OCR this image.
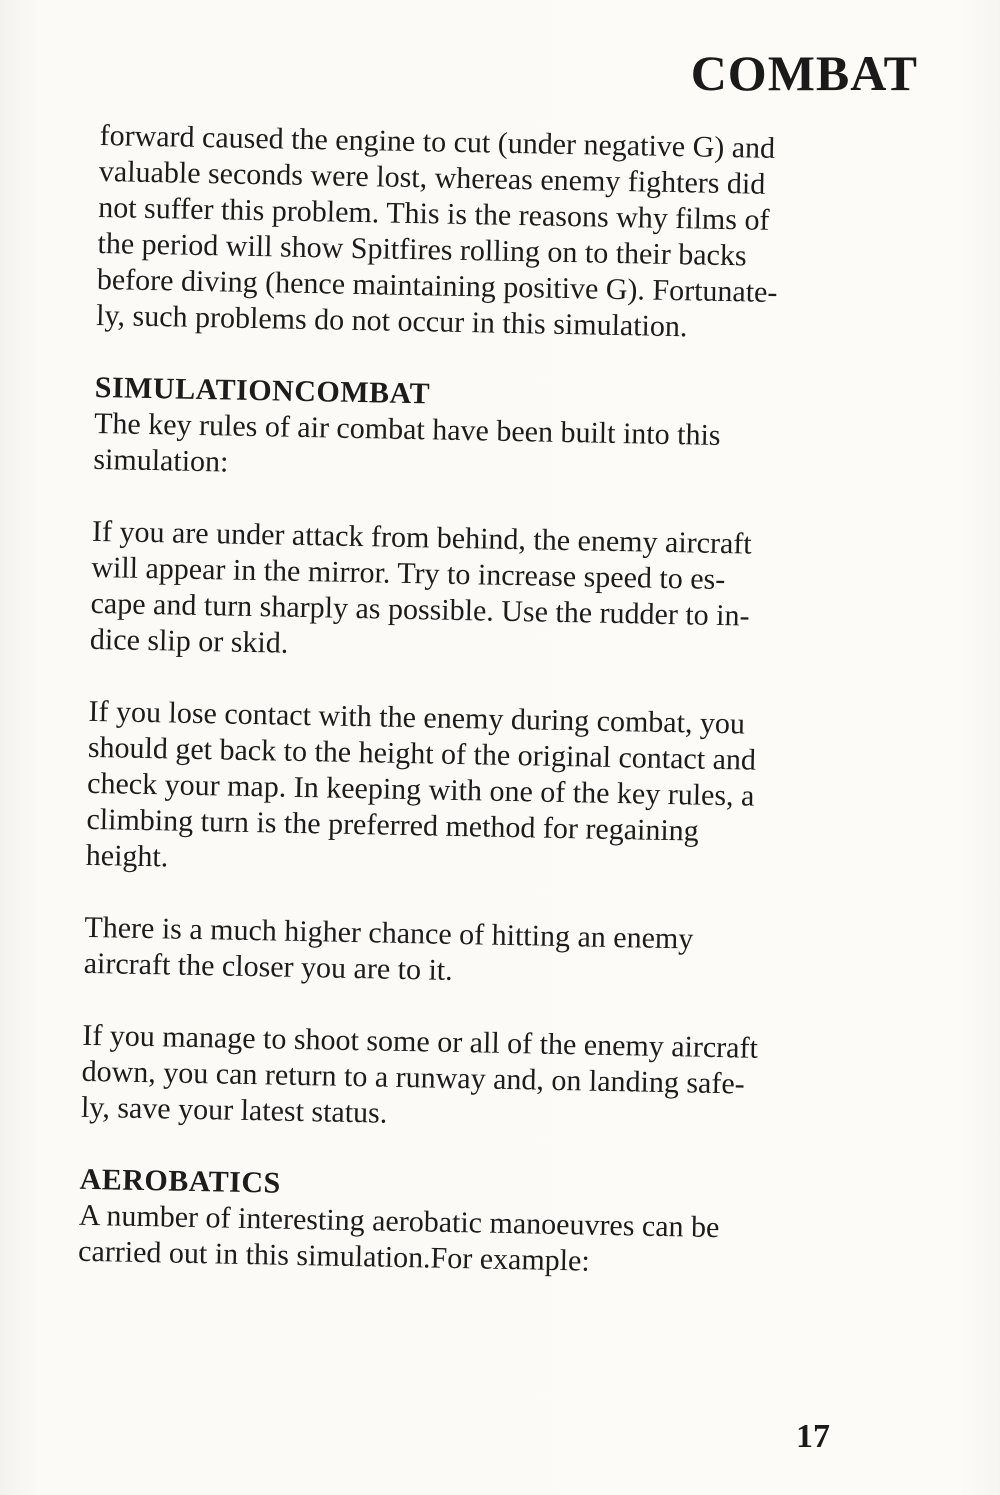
COMBAT

forward caused the engine to cut (under negative G) and
valuable seconds were lost, whereas enemy fighters did
not suffer this problem. This is the reasons why films of
the period will show Spitfires rolling on to their backs
before diving (hence maintaining positive G). Fortunate-
ly, such problems do not occur in this simulation.

SIMULATIONCOMBAT

The key rules of air combat have been built into this
simulation:

If you are under attack from behind, the enemy aircraft
will appear in the mirror. Try to increase speed to es-
cape and turn sharply as possible. Use the rudder to in-
dice slip or skid.

If you lose contact with the enemy during combat, you
should get back to the height of the original contact and
check your map. In keeping with one of the key rules, a
climbing turn is the preferred method for regaining
height.

There is a much higher chance of hitting an enemy
aircraft the closer you are to it.

If you manage to shoot some or all of the enemy aircraft
down, you can return to a runway and, on landing safe-
ly, save your latest status.

AEROBATICS

A number of interesting aerobatic manoeuvres can be
carried out in this simulation.For example:

17
